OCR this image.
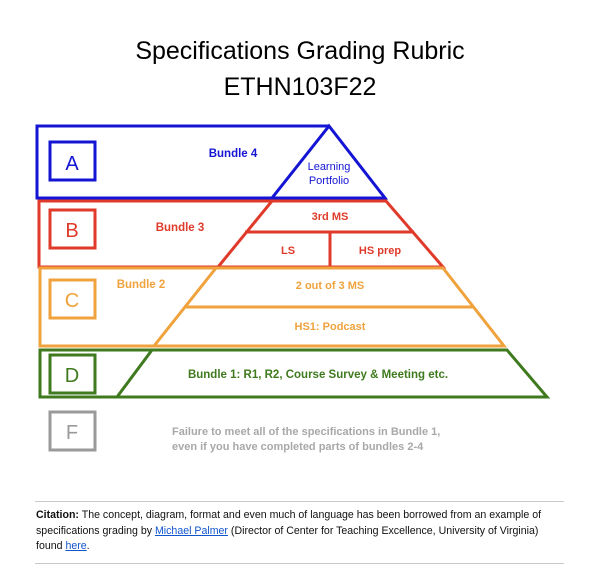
Specifications Grading Rubric
ETHN103F22
A	Bundle 4
Learning
Portfolio
B	Bundle 3
3rd MS
LS	HS prep
C
Bundle 2	2 out of 3 MS
HS1: Podcast
D	Bundle 1: R1, R2, Course Survey & Meeting etc.
F	Failure to meet all of the specifications in Bundle 1,
even if you have completed parts of bundles 2-4
Citation: The concept, diagram, format and even much of language has been borrowed from an example of specifications grading by Michael Palmer (Director of Center for Teaching Excellence, University of Virginia) found here.
